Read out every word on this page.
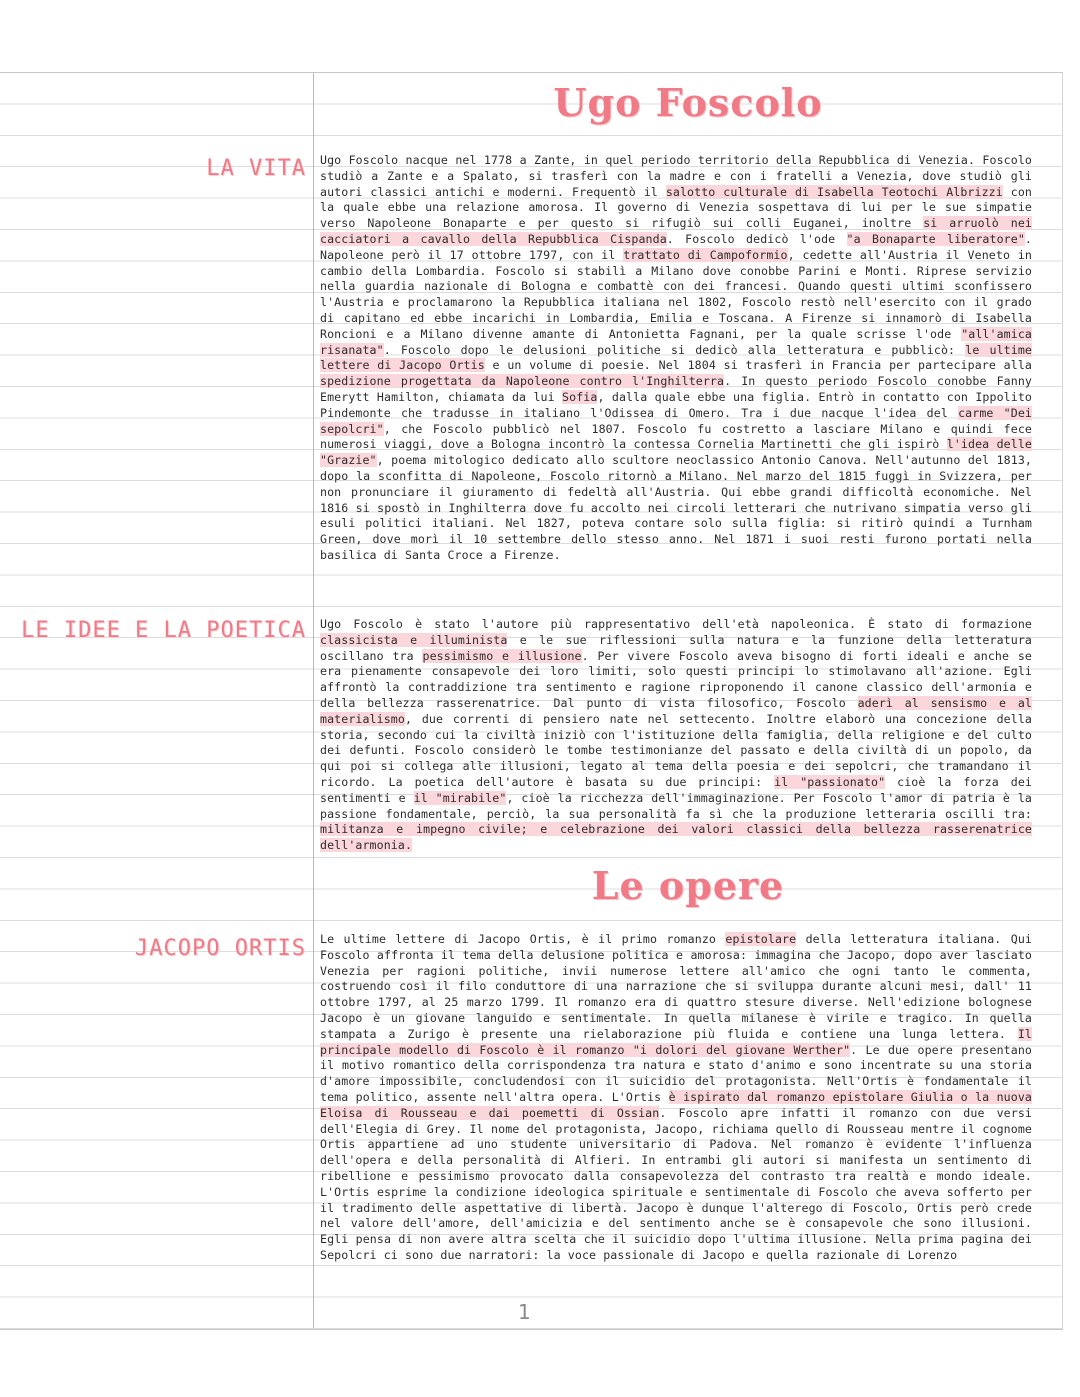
Ugo Foscolo
LA VITA Ugo Foscolo nacque nel 1778 a Zante, in quel periodo territorio della Repubblica di Venezia. Foscolo studiò a Zante e a Spalato, si trasferì con la madre e con i fratelli a Venezia, dove studiò gli autori classici antichi e moderni. Frequentò il salotto culturale di Isabella Teotochi Albrizzi con la quale ebbe una relazione amorosa. Il governo di Venezia sospettava di lui per le sue simpatie verso Napoleone Bonaparte e per questo si rifugiò sui colli Euganei, inoltre si arruolò nei cacciatori a cavallo della Repubblica Cispanda. Foscolo dedicò l'ode "a Bonaparte liberatore". Napoleone però il 17 ottobre 1797, con il trattato di Campoformio, cedette all'Austria il Veneto in cambio della Lombardia. Foscolo si stabilì a Milano dove conobbe Parini e Monti. Riprese servizio nella guardia nazionale di Bologna e combattè con dei francesi. Quando questi ultimi sconfissero l'Austria e proclamarono la Repubblica italiana nel 1802, Foscolo restò nell'esercito con il grado di capitano ed ebbe incarichi in Lombardia, Emilia e Toscana. A Firenze si innamorò di Isabella Roncioni e a Milano divenne amante di Antonietta Fagnani, per la quale scrisse l'ode "all'amica risanata". Foscolo dopo le delusioni politiche si dedicò alla letteratura e pubblicò: le ultime lettere di Jacopo Ortis e un volume di poesie. Nel 1804 si trasferì in Francia per partecipare alla spedizione progettata da Napoleone contro l'Inghilterra. In questo periodo Foscolo conobbe Fanny Emerytt Hamilton, chiamata da lui Sofia, dalla quale ebbe una figlia. Entrò in contatto con Ippolito Pindemonte che tradusse in italiano l'Odissea di Omero. Tra i due nacque l'idea del carme "Dei sepolcri", che Foscolo pubblicò nel 1807. Foscolo fu costretto a lasciare Milano e quindi fece numerosi viaggi, dove a Bologna incontrò la contessa Cornelia Martinetti che gli ispirò l'idea delle "Grazie", poema mitologico dedicato allo scultore neoclassico Antonio Canova. Nell'autunno del 1813, dopo la sconfitta di Napoleone, Foscolo ritornò a Milano. Nel marzo del 1815 fuggì in Svizzera, per non pronunciare il giuramento di fedeltà all'Austria. Qui ebbe grandi difficoltà economiche. Nel 1816 si spostò in Inghilterra dove fu accolto nei circoli letterari che nutrivano simpatia verso gli esuli politici italiani. Nel 1827, poteva contare solo sulla figlia: si ritirò quindi a Turnham Green, dove morì il 10 settembre dello stesso anno. Nel 1871 i suoi resti furono portati nella basilica di Santa Croce a Firenze.
LE IDEE E LA POETICA Ugo Foscolo è stato l'autore più rappresentativo dell'età napoleonica. È stato di formazione classicista e illuminista e le sue riflessioni sulla natura e la funzione della letteratura oscillano tra pessimismo e illusione. Per vivere Foscolo aveva bisogno di forti ideali e anche se era pienamente consapevole dei loro limiti, solo questi principi lo stimolavano all'azione. Egli affrontò la contraddizione tra sentimento e ragione riproponendo il canone classico dell'armonia e della bellezza rasserenatrice. Dal punto di vista filosofico, Foscolo aderì al sensismo e al materialismo, due correnti di pensiero nate nel settecento. Inoltre elaborò una concezione della storia, secondo cui la civiltà iniziò con l'istituzione della famiglia, della religione e del culto dei defunti. Foscolo considerò le tombe testimonianze del passato e della civiltà di un popolo, da qui poi si collega alle illusioni, legato al tema della poesia e dei sepolcri, che tramandano il ricordo. La poetica dell'autore è basata su due principi: il "passionato" cioè la forza dei sentimenti e il "mirabile", cioè la ricchezza dell'immaginazione. Per Foscolo l'amor di patria è la passione fondamentale, perciò, la sua personalità fa sì che la produzione letteraria oscilli tra: militanza e impegno civile; e celebrazione dei valori classici della bellezza rasserenatrice dell'armonia.
Le opere
JACOPO ORTIS Le ultime lettere di Jacopo Ortis, è il primo romanzo epistolare della letteratura italiana. Qui Foscolo affronta il tema della delusione politica e amorosa: immagina che Jacopo, dopo aver lasciato Venezia per ragioni politiche, invii numerose lettere all'amico che ogni tanto le commenta, costruendo così il filo conduttore di una narrazione che si sviluppa durante alcuni mesi, dall' 11 ottobre 1797, al 25 marzo 1799. Il romanzo era di quattro stesure diverse. Nell'edizione bolognese Jacopo è un giovane languido e sentimentale. In quella milanese è virile e tragico. In quella stampata a Zurigo è presente una rielaborazione più fluida e contiene una lunga lettera. Il principale modello di Foscolo è il romanzo "i dolori del giovane Werther". Le due opere presentano il motivo romantico della corrispondenza tra natura e stato d'animo e sono incentrate su una storia d'amore impossibile, concludendosi con il suicidio del protagonista. Nell'Ortis è fondamentale il tema politico, assente nell'altra opera. L'Ortis è ispirato dal romanzo epistolare Giulia o la nuova Eloisa di Rousseau e dai poemetti di Ossian. Foscolo apre infatti il romanzo con due versi dell'Elegia di Grey. Il nome del protagonista, Jacopo, richiama quello di Rousseau mentre il cognome Ortis appartiene ad uno studente universitario di Padova. Nel romanzo è evidente l'influenza dell'opera e della personalità di Alfieri. In entrambi gli autori si manifesta un sentimento di ribellione e pessimismo provocato dalla consapevolezza del contrasto tra realtà e mondo ideale. L'Ortis esprime la condizione ideologica spirituale e sentimentale di Foscolo che aveva sofferto per il tradimento delle aspettative di libertà. Jacopo è dunque l'alterego di Foscolo, Ortis però crede nel valore dell'amore, dell'amicizia e del sentimento anche se è consapevole che sono illusioni. Egli pensa di non avere altra scelta che il suicidio dopo l'ultima illusione. Nella prima pagina dei Sepolcri ci sono due narratori: la voce passionale di Jacopo e quella razionale di Lorenzo
1
